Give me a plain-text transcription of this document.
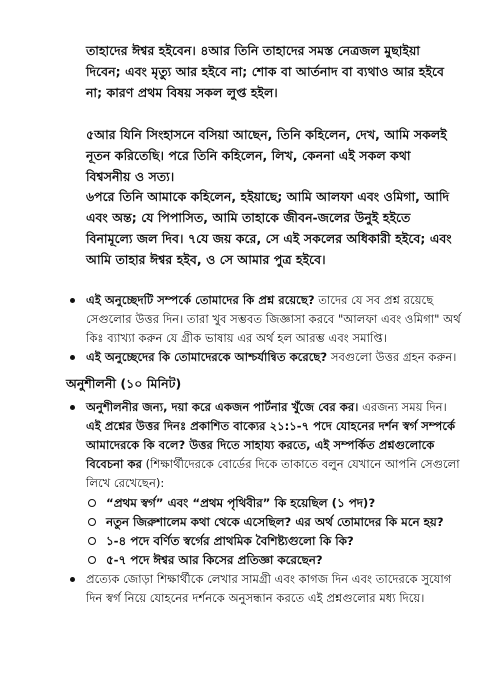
তাহাদের ঈশ্বর হইবেন। ৪আর তিনি তাহাদের সমস্ত নেত্রজল মুছাইয়া দিবেন; এবং মৃত্যু আর হইবে না; শোক বা আর্তনাদ বা ব্যথাও আর হইবে না; কারণ প্রথম বিষয় সকল লুপ্ত হইল।

৫আর যিনি সিংহাসনে বসিয়া আছেন, তিনি কহিলেন, দেখ, আমি সকলই নূতন করিতেছি। পরে তিনি কহিলেন, লিখ, কেননা এই সকল কথা বিশ্বসনীয় ও সত্য।

৬পরে তিনি আমাকে কহিলেন, হইয়াছে; আমি আলফা এবং ওমিগা, আদি এবং অন্ত; যে পিপাসিত, আমি তাহাকে জীবন-জলের উনুই হইতে বিনামূল্যে জল দিব। ৭যে জয় করে, সে এই সকলের অধিকারী হইবে; এবং আমি তাহার ঈশ্বর হইব, ও সে আমার পুত্র হইবে।

এই অনুচ্ছেদটি সম্পর্কে তোমাদের কি প্রশ্ন রয়েছে? তাদের যে সব প্রশ্ন রয়েছে সেগুলোর উত্তর দিন। তারা খুব সম্ভবত জিজ্ঞাসা করবে "আলফা এবং ওমিগা" অর্থ কিঃ ব্যাখ্যা করুন যে গ্রীক ভাষায় এর অর্থ হল আরম্ভ এবং সমাপ্তি।
এই অনুচ্ছেদের কি তোমাদেরকে আশ্চর্যান্বিত করেছে? সবগুলো উত্তর গ্রহন করুন।
অনুশীলনী (১০ মিনিট)
অনুশীলনীর জন্য, দয়া করে একজন পার্টনার খুঁজে বের কর। এরজন্য সময় দিন। এই প্রশ্নের উত্তর দিনঃ প্রকাশিত বাক্যের ২১:১-৭ পদে যোহনের দর্শন স্বর্গ সম্পর্কে আমাদেরকে কি বলে? উত্তর দিতে সাহায্য করতে, এই সম্পর্কিত প্রশ্নগুলোকে বিবেচনা কর (শিক্ষার্থীদেরকে বোর্ডের দিকে তাকাতে বলুন যেখানে আপনি সেগুলো লিখে রেখেছেন):
“প্রথম স্বর্গ” এবং “প্রথম পৃথিবীর” কি হয়েছিল (১ পদ)?
নতুন জিরুশালেম কথা থেকে এসেছিল? এর অর্থ তোমাদের কি মনে হয়?
১-৪ পদে বর্ণিত স্বর্গের প্রাথমিক বৈশিষ্ট্যগুলো কি কি?
৫-৭ পদে ঈশ্বর আর কিসের প্রতিজ্ঞা করেছেন?
প্রত্যেক জোড়া শিক্ষার্থীকে লেখার সামগ্রী এবং কাগজ দিন এবং তাদেরকে সুযোগ দিন স্বর্গ নিয়ে যোহনের দর্শনকে অনুসন্ধান করতে এই প্রশ্নগুলোর মধ্য দিয়ে।
